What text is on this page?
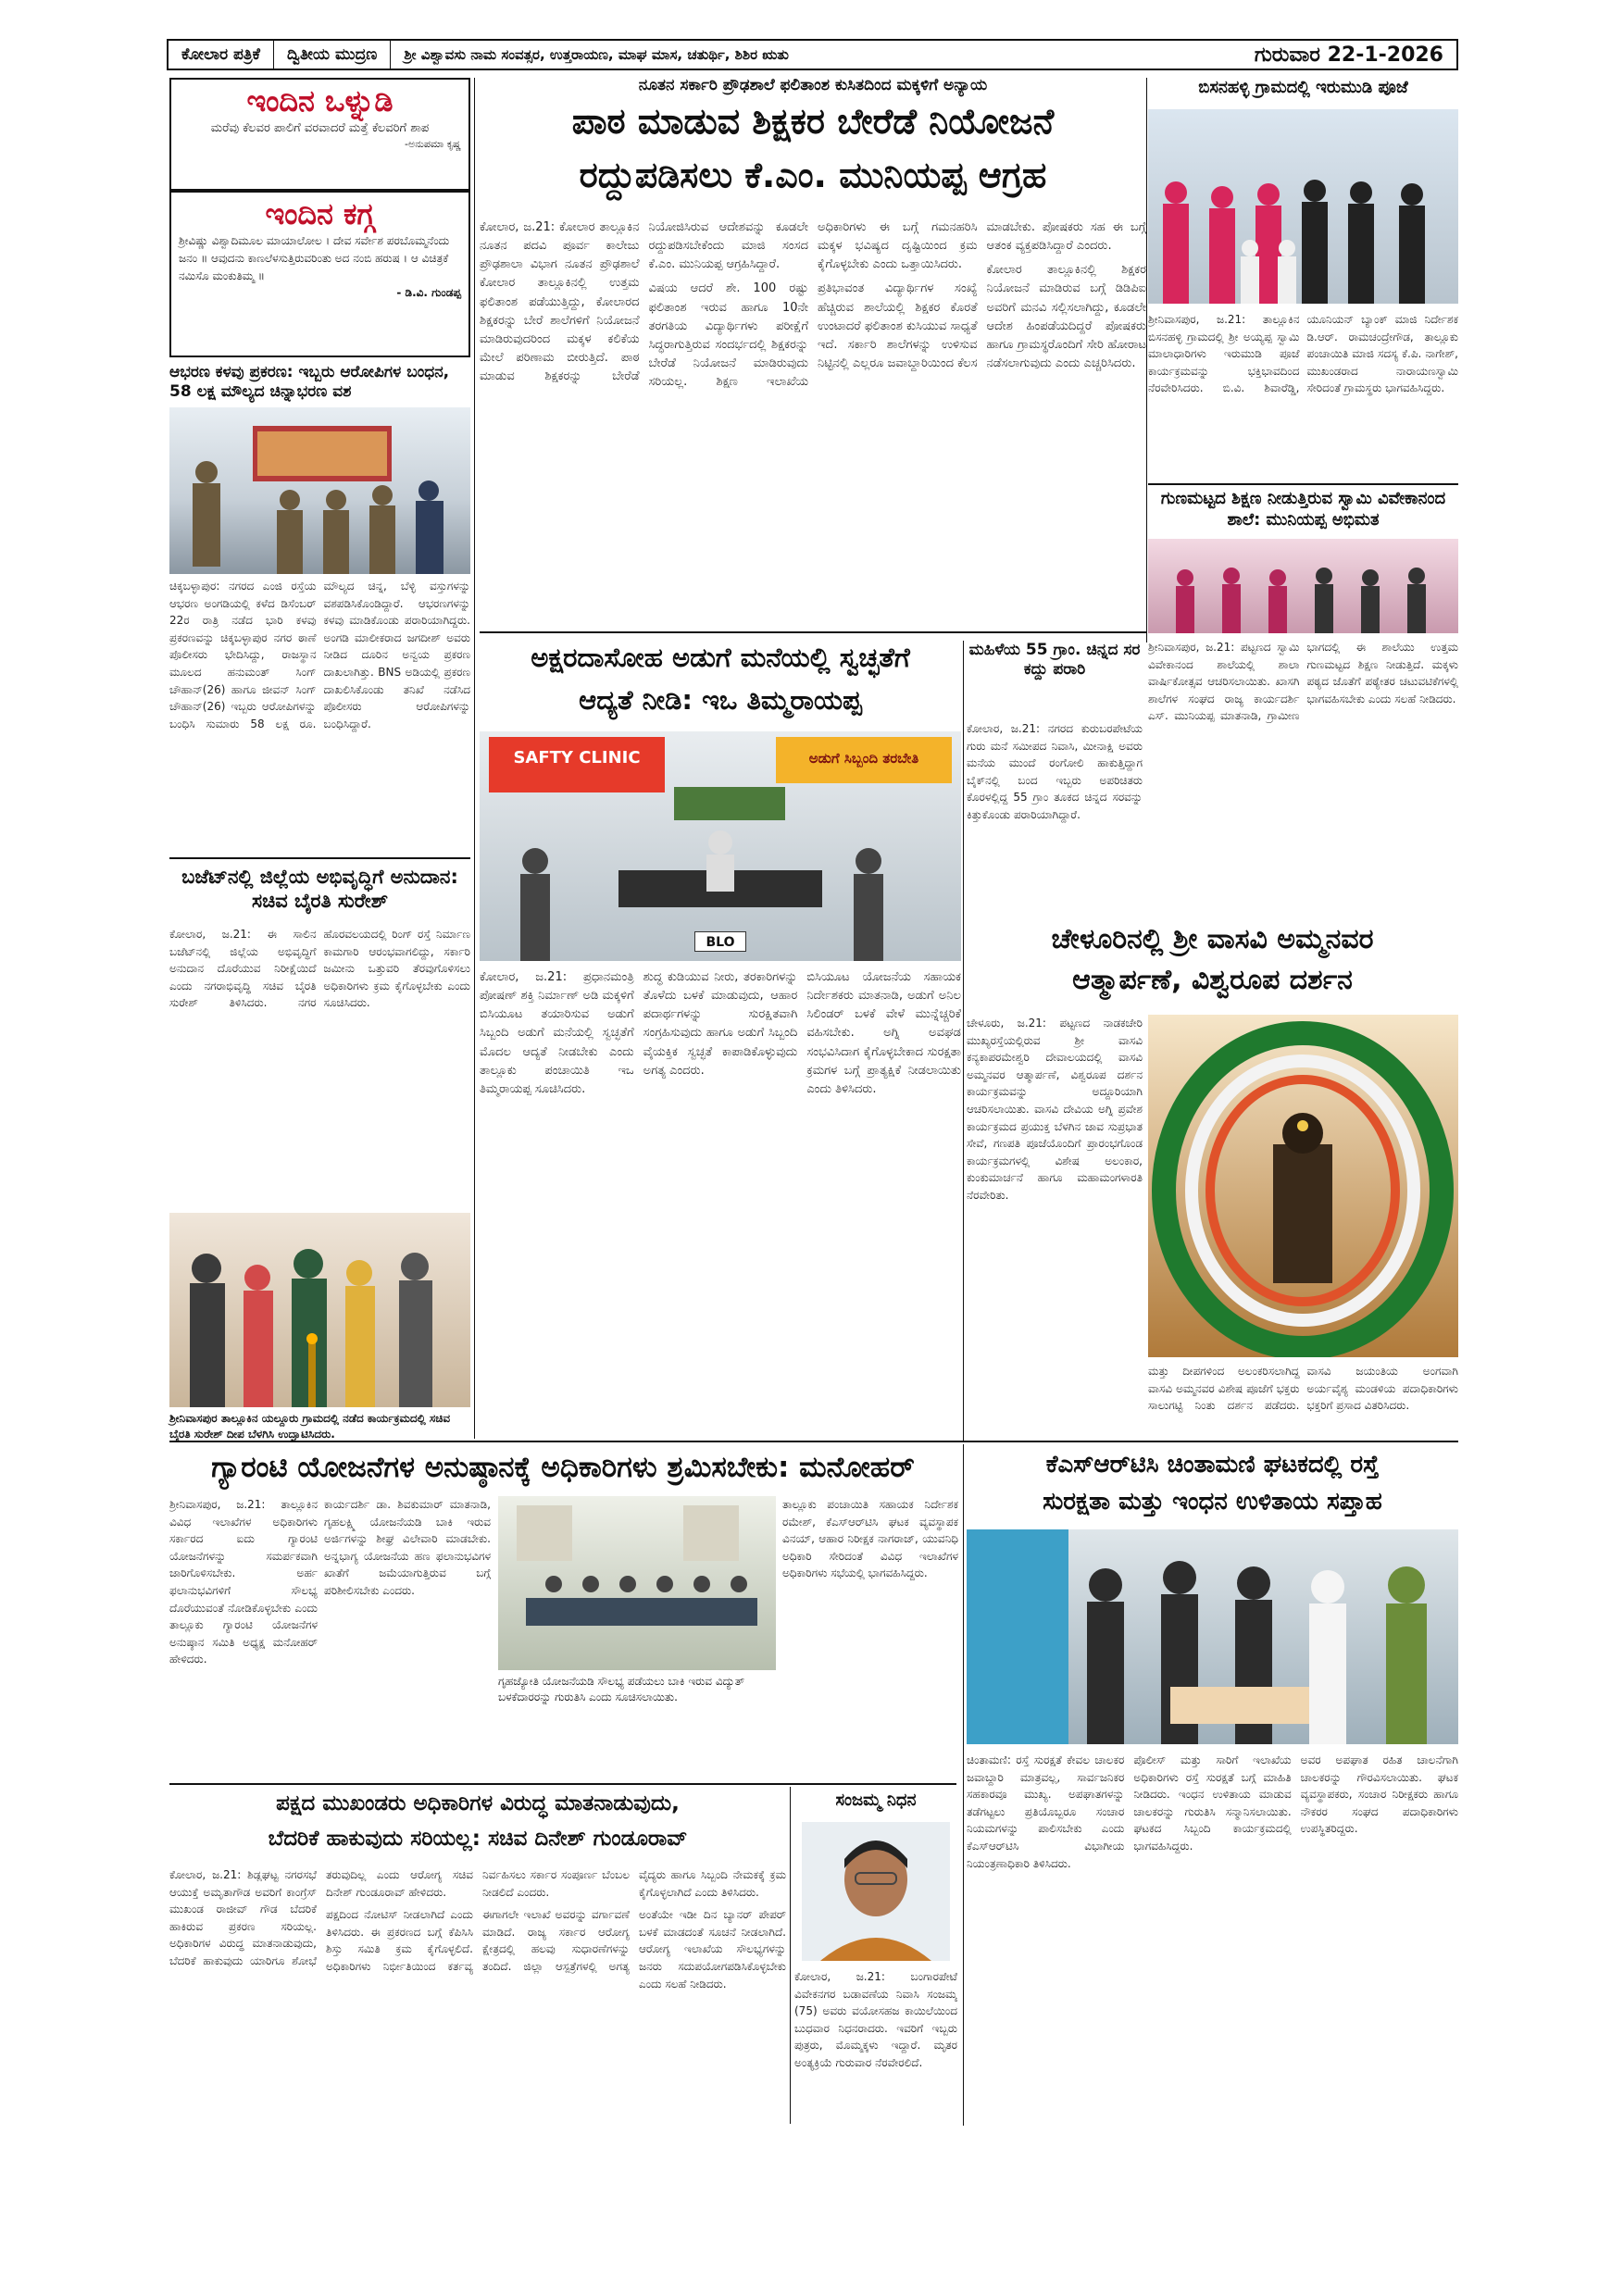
ಕೋಲಾರ ಪತ್ರಿಕೆ	ದ್ವಿತೀಯ ಮುದ್ರಣ	ಶ್ರೀ ವಿಶ್ವಾವಸು ನಾಮ ಸಂವತ್ಸರ, ಉತ್ತರಾಯಣ, ಮಾಘ ಮಾಸ, ಚತುರ್ಥಿ, ಶಿಶಿರ ಋತು	ಗುರುವಾರ 22-1-2026
ಇಂದಿನ ಒಳ್ನುಡಿ
ಮರೆವು ಕೆಲವರ ಪಾಲಿಗೆ ವರವಾದರೆ ಮತ್ತೆ ಕೆಲವರಿಗೆ ಶಾಪ
-ಅನುಪಮಾ ಕೃಷ್ಣ
ಇಂದಿನ ಕಗ್ಗ
ಶ್ರೀವಿಷ್ಣು ವಿಶ್ವಾದಿಮೂಲ ಮಾಯಾಲೋಲ । ದೇವ ಸರ್ವೇಶ ಪರಬೊಮ್ಮನೆಂದು ಜನಂ ॥ ಆವುದನು ಕಾಣಲೆಳಸುತ್ತಿರುವರಿಂತು ಅದ ನಂಬಿ ಹರುಷ । ಆ ವಿಚಿತ್ರಕೆ ನಮಿಸೊ ಮಂಕುತಿಮ್ಮ ॥
- ಡಿ.ವಿ. ಗುಂಡಪ್ಪ
ಆಭರಣ ಕಳವು ಪ್ರಕರಣ: ಇಬ್ಬರು ಆರೋಪಿಗಳ ಬಂಧನ, 58 ಲಕ್ಷ ಮೌಲ್ಯದ ಚಿನ್ನಾಭರಣ ವಶ

ಚಿಕ್ಕಬಳ್ಳಾಪುರ: ನಗರದ ಎಂಜಿ ರಸ್ತೆಯ ಆಭರಣ ಅಂಗಡಿಯಲ್ಲಿ ಕಳೆದ ಡಿಸೆಂಬರ್ 22ರ ರಾತ್ರಿ ನಡೆದ ಭಾರಿ ಕಳವು ಪ್ರಕರಣವನ್ನು ಚಿಕ್ಕಬಳ್ಳಾಪುರ ನಗರ ಠಾಣೆ ಪೊಲೀಸರು ಭೇದಿಸಿದ್ದು, ರಾಜಸ್ಥಾನ ಮೂಲದ ಹನುಮಂತ್ ಸಿಂಗ್ ಚೌಹಾನ್(26) ಹಾಗೂ ಜೀವನ್ ಸಿಂಗ್ ಚೌಹಾನ್(26) ಇಬ್ಬರು ಆರೋಪಿಗಳನ್ನು ಬಂಧಿಸಿ ಸುಮಾರು 58 ಲಕ್ಷ ರೂ. ಮೌಲ್ಯದ ಚಿನ್ನ, ಬೆಳ್ಳಿ ವಸ್ತುಗಳನ್ನು ವಶಪಡಿಸಿಕೊಂಡಿದ್ದಾರೆ. ಆಭರಣಗಳನ್ನು ಕಳವು ಮಾಡಿಕೊಂಡು ಪರಾರಿಯಾಗಿದ್ದರು. ಅಂಗಡಿ ಮಾಲೀಕರಾದ ಜಗದೀಶ್ ಅವರು ನೀಡಿದ ದೂರಿನ ಅನ್ವಯ ಪ್ರಕರಣ ದಾಖಲಾಗಿತ್ತು. BNS ಅಡಿಯಲ್ಲಿ ಪ್ರಕರಣ ದಾಖಲಿಸಿಕೊಂಡು ತನಿಖೆ ನಡೆಸಿದ ಪೊಲೀಸರು ಆರೋಪಿಗಳನ್ನು ಬಂಧಿಸಿದ್ದಾರೆ.

ಬಜೆಟ್‌ನಲ್ಲಿ ಜಿಲ್ಲೆಯ ಅಭಿವೃದ್ಧಿಗೆ ಅನುದಾನ: ಸಚಿವ ಬೈರತಿ ಸುರೇಶ್

ಕೋಲಾರ, ಜ.21: ಈ ಸಾಲಿನ ಬಜೆಟ್‌ನಲ್ಲಿ ಜಿಲ್ಲೆಯ ಅಭಿವೃದ್ಧಿಗೆ ಅನುದಾನ ದೊರೆಯುವ ನಿರೀಕ್ಷೆಯಿದೆ ಎಂದು ನಗರಾಭಿವೃದ್ಧಿ ಸಚಿವ ಬೈರತಿ ಸುರೇಶ್ ತಿಳಿಸಿದರು. ನಗರ ಹೊರವಲಯದಲ್ಲಿ ರಿಂಗ್ ರಸ್ತೆ ನಿರ್ಮಾಣ ಕಾಮಗಾರಿ ಆರಂಭವಾಗಲಿದ್ದು, ಸರ್ಕಾರಿ ಜಮೀನು ಒತ್ತುವರಿ ತೆರವುಗೊಳಿಸಲು ಅಧಿಕಾರಿಗಳು ಕ್ರಮ ಕೈಗೊಳ್ಳಬೇಕು ಎಂದು ಸೂಚಿಸಿದರು.

ಶ್ರೀನಿವಾಸಪುರ ತಾಲ್ಲೂಕಿನ ಯಲ್ದೂರು ಗ್ರಾಮದಲ್ಲಿ ನಡೆದ ಕಾರ್ಯಕ್ರಮದಲ್ಲಿ ಸಚಿವ ಬೈರತಿ ಸುರೇಶ್ ದೀಪ ಬೆಳಗಿಸಿ ಉದ್ಘಾಟಿಸಿದರು.
ನೂತನ ಸರ್ಕಾರಿ ಪ್ರೌಢಶಾಲೆ ಫಲಿತಾಂಶ ಕುಸಿತದಿಂದ ಮಕ್ಕಳಿಗೆ ಅನ್ಯಾಯ
ಪಾಠ ಮಾಡುವ ಶಿಕ್ಷಕರ ಬೇರೆಡೆ ನಿಯೋಜನೆ
ರದ್ದುಪಡಿಸಲು ಕೆ.ಎಂ. ಮುನಿಯಪ್ಪ ಆಗ್ರಹ

ಕೋಲಾರ, ಜ.21: ಕೋಲಾರ ತಾಲ್ಲೂಕಿನ ನೂತನ ಪದವಿ ಪೂರ್ವ ಕಾಲೇಜು ಪ್ರೌಢಶಾಲಾ ವಿಭಾಗ ನೂತನ ಪ್ರೌಢಶಾಲೆ ಕೋಲಾರ ತಾಲ್ಲೂಕಿನಲ್ಲಿ ಉತ್ತಮ ಫಲಿತಾಂಶ ಪಡೆಯುತ್ತಿದ್ದು, ಕೋಲಾರದ ಶಿಕ್ಷಕರನ್ನು ಬೇರೆ ಶಾಲೆಗಳಿಗೆ ನಿಯೋಜನೆ ಮಾಡಿರುವುದರಿಂದ ಮಕ್ಕಳ ಕಲಿಕೆಯ ಮೇಲೆ ಪರಿಣಾಮ ಬೀರುತ್ತಿದೆ. ಪಾಠ ಮಾಡುವ ಶಿಕ್ಷಕರನ್ನು ಬೇರೆಡೆ ನಿಯೋಜಿಸಿರುವ ಆದೇಶವನ್ನು ಕೂಡಲೇ ರದ್ದುಪಡಿಸಬೇಕೆಂದು ಮಾಜಿ ಸಂಸದ ಕೆ.ಎಂ. ಮುನಿಯಪ್ಪ ಆಗ್ರಹಿಸಿದ್ದಾರೆ.

ವಿಷಯ ಆದರೆ ಶೇ. 100 ರಷ್ಟು ಫಲಿತಾಂಶ ಇರುವ ಹಾಗೂ 10ನೇ ತರಗತಿಯ ವಿದ್ಯಾರ್ಥಿಗಳು ಪರೀಕ್ಷೆಗೆ ಸಿದ್ಧರಾಗುತ್ತಿರುವ ಸಂದರ್ಭದಲ್ಲಿ ಶಿಕ್ಷಕರನ್ನು ಬೇರೆಡೆ ನಿಯೋಜನೆ ಮಾಡಿರುವುದು ಸರಿಯಲ್ಲ. ಶಿಕ್ಷಣ ಇಲಾಖೆಯ ಅಧಿಕಾರಿಗಳು ಈ ಬಗ್ಗೆ ಗಮನಹರಿಸಿ ಮಕ್ಕಳ ಭವಿಷ್ಯದ ದೃಷ್ಟಿಯಿಂದ ಕ್ರಮ ಕೈಗೊಳ್ಳಬೇಕು ಎಂದು ಒತ್ತಾಯಿಸಿದರು.

ಪ್ರತಿಭಾವಂತ ವಿದ್ಯಾರ್ಥಿಗಳ ಸಂಖ್ಯೆ ಹೆಚ್ಚಿರುವ ಶಾಲೆಯಲ್ಲಿ ಶಿಕ್ಷಕರ ಕೊರತೆ ಉಂಟಾದರೆ ಫಲಿತಾಂಶ ಕುಸಿಯುವ ಸಾಧ್ಯತೆ ಇದೆ. ಸರ್ಕಾರಿ ಶಾಲೆಗಳನ್ನು ಉಳಿಸುವ ನಿಟ್ಟಿನಲ್ಲಿ ಎಲ್ಲರೂ ಜವಾಬ್ದಾರಿಯಿಂದ ಕೆಲಸ ಮಾಡಬೇಕು. ಪೋಷಕರು ಸಹ ಈ ಬಗ್ಗೆ ಆತಂಕ ವ್ಯಕ್ತಪಡಿಸಿದ್ದಾರೆ ಎಂದರು.

ಕೋಲಾರ ತಾಲ್ಲೂಕಿನಲ್ಲಿ ಶಿಕ್ಷಕರ ನಿಯೋಜನೆ ಮಾಡಿರುವ ಬಗ್ಗೆ ಡಿಡಿಪಿಐ ಅವರಿಗೆ ಮನವಿ ಸಲ್ಲಿಸಲಾಗಿದ್ದು, ಕೂಡಲೇ ಆದೇಶ ಹಿಂಪಡೆಯದಿದ್ದರೆ ಪೋಷಕರು ಹಾಗೂ ಗ್ರಾಮಸ್ಥರೊಂದಿಗೆ ಸೇರಿ ಹೋರಾಟ ನಡೆಸಲಾಗುವುದು ಎಂದು ಎಚ್ಚರಿಸಿದರು.

ಬಿಸನಹಳ್ಳಿ ಗ್ರಾಮದಲ್ಲಿ ಇರುಮುಡಿ ಪೂಜೆ

ಶ್ರೀನಿವಾಸಪುರ, ಜ.21: ತಾಲ್ಲೂಕಿನ ಬಿಸನಹಳ್ಳಿ ಗ್ರಾಮದಲ್ಲಿ ಶ್ರೀ ಅಯ್ಯಪ್ಪ ಸ್ವಾಮಿ ಮಾಲಾಧಾರಿಗಳು ಇರುಮುಡಿ ಪೂಜೆ ಕಾರ್ಯಕ್ರಮವನ್ನು ಭಕ್ತಿಭಾವದಿಂದ ನೆರವೇರಿಸಿದರು. ಬಿ.ವಿ. ಶಿವಾರೆಡ್ಡಿ, ಯೂನಿಯನ್ ಬ್ಯಾಂಕ್ ಮಾಜಿ ನಿರ್ದೇಶಕ ಡಿ.ಆರ್. ರಾಮಚಂದ್ರೇಗೌಡ, ತಾಲ್ಲೂಕು ಪಂಚಾಯಿತಿ ಮಾಜಿ ಸದಸ್ಯ ಕೆ.ಪಿ. ನಾಗೇಶ್, ಮುಖಂಡರಾದ ನಾರಾಯಣಸ್ವಾಮಿ ಸೇರಿದಂತೆ ಗ್ರಾಮಸ್ಥರು ಭಾಗವಹಿಸಿದ್ದರು.

ಗುಣಮಟ್ಟದ ಶಿಕ್ಷಣ ನೀಡುತ್ತಿರುವ ಸ್ವಾಮಿ ವಿವೇಕಾನಂದ ಶಾಲೆ: ಮುನಿಯಪ್ಪ ಅಭಿಮತ

ಶ್ರೀನಿವಾಸಪುರ, ಜ.21: ಪಟ್ಟಣದ ಸ್ವಾಮಿ ವಿವೇಕಾನಂದ ಶಾಲೆಯಲ್ಲಿ ಶಾಲಾ ವಾರ್ಷಿಕೋತ್ಸವ ಆಚರಿಸಲಾಯಿತು. ಖಾಸಗಿ ಶಾಲೆಗಳ ಸಂಘದ ರಾಜ್ಯ ಕಾರ್ಯದರ್ಶಿ ಎಸ್. ಮುನಿಯಪ್ಪ ಮಾತನಾಡಿ, ಗ್ರಾಮೀಣ ಭಾಗದಲ್ಲಿ ಈ ಶಾಲೆಯು ಉತ್ತಮ ಗುಣಮಟ್ಟದ ಶಿಕ್ಷಣ ನೀಡುತ್ತಿದೆ. ಮಕ್ಕಳು ಪಠ್ಯದ ಜೊತೆಗೆ ಪಠ್ಯೇತರ ಚಟುವಟಿಕೆಗಳಲ್ಲಿ ಭಾಗವಹಿಸಬೇಕು ಎಂದು ಸಲಹೆ ನೀಡಿದರು.

ಅಕ್ಷರದಾಸೋಹ ಅಡುಗೆ ಮನೆಯಲ್ಲಿ ಸ್ವಚ್ಛತೆಗೆ
ಆದ್ಯತೆ ನೀಡಿ: ಇಒ ತಿಮ್ಮರಾಯಪ್ಪ
SAFTY CLINIC	ಅಡುಗೆ ಸಿಬ್ಬಂದಿ ತರಬೇತಿ
BLO

ಕೋಲಾರ, ಜ.21: ಪ್ರಧಾನಮಂತ್ರಿ ಪೋಷಣ್ ಶಕ್ತಿ ನಿರ್ಮಾಣ್ ಅಡಿ ಮಕ್ಕಳಿಗೆ ಬಿಸಿಯೂಟ ತಯಾರಿಸುವ ಅಡುಗೆ ಸಿಬ್ಬಂದಿ ಅಡುಗೆ ಮನೆಯಲ್ಲಿ ಸ್ವಚ್ಛತೆಗೆ ಮೊದಲ ಆದ್ಯತೆ ನೀಡಬೇಕು ಎಂದು ತಾಲ್ಲೂಕು ಪಂಚಾಯಿತಿ ಇಒ ತಿಮ್ಮರಾಯಪ್ಪ ಸೂಚಿಸಿದರು.

ಶುದ್ಧ ಕುಡಿಯುವ ನೀರು, ತರಕಾರಿಗಳನ್ನು ತೊಳೆದು ಬಳಕೆ ಮಾಡುವುದು, ಆಹಾರ ಪದಾರ್ಥಗಳನ್ನು ಸುರಕ್ಷಿತವಾಗಿ ಸಂಗ್ರಹಿಸುವುದು ಹಾಗೂ ಅಡುಗೆ ಸಿಬ್ಬಂದಿ ವೈಯಕ್ತಿಕ ಸ್ವಚ್ಛತೆ ಕಾಪಾಡಿಕೊಳ್ಳುವುದು ಅಗತ್ಯ ಎಂದರು.

ಬಿಸಿಯೂಟ ಯೋಜನೆಯ ಸಹಾಯಕ ನಿರ್ದೇಶಕರು ಮಾತನಾಡಿ, ಅಡುಗೆ ಅನಿಲ ಸಿಲಿಂಡರ್ ಬಳಕೆ ವೇಳೆ ಮುನ್ನೆಚ್ಚರಿಕೆ ವಹಿಸಬೇಕು. ಅಗ್ನಿ ಅವಘಡ ಸಂಭವಿಸಿದಾಗ ಕೈಗೊಳ್ಳಬೇಕಾದ ಸುರಕ್ಷತಾ ಕ್ರಮಗಳ ಬಗ್ಗೆ ಪ್ರಾತ್ಯಕ್ಷಿಕೆ ನೀಡಲಾಯಿತು ಎಂದು ತಿಳಿಸಿದರು.

ಮಹಿಳೆಯ 55 ಗ್ರಾಂ. ಚಿನ್ನದ ಸರ ಕದ್ದು ಪರಾರಿ

ಕೋಲಾರ, ಜ.21: ನಗರದ ಕುರುಬರಪೇಟೆಯ ಗುರು ಮನೆ ಸಮೀಪದ ನಿವಾಸಿ, ಮೀನಾಕ್ಷಿ ಅವರು ಮನೆಯ ಮುಂದೆ ರಂಗೋಲಿ ಹಾಕುತ್ತಿದ್ದಾಗ ಬೈಕ್‌ನಲ್ಲಿ ಬಂದ ಇಬ್ಬರು ಅಪರಿಚಿತರು ಕೊರಳಲ್ಲಿದ್ದ 55 ಗ್ರಾಂ ತೂಕದ ಚಿನ್ನದ ಸರವನ್ನು ಕಿತ್ತುಕೊಂಡು ಪರಾರಿಯಾಗಿದ್ದಾರೆ.

ಚೇಳೂರಿನಲ್ಲಿ ಶ್ರೀ ವಾಸವಿ ಅಮ್ಮನವರ
ಆತ್ಮಾರ್ಪಣೆ, ವಿಶ್ವರೂಪ ದರ್ಶನ

ಚೇಳೂರು, ಜ.21: ಪಟ್ಟಣದ ನಾಡಕಚೇರಿ ಮುಖ್ಯರಸ್ತೆಯಲ್ಲಿರುವ ಶ್ರೀ ವಾಸವಿ ಕನ್ಯಕಾಪರಮೇಶ್ವರಿ ದೇವಾಲಯದಲ್ಲಿ ವಾಸವಿ ಅಮ್ಮನವರ ಆತ್ಮಾರ್ಪಣೆ, ವಿಶ್ವರೂಪ ದರ್ಶನ ಕಾರ್ಯಕ್ರಮವನ್ನು ಅದ್ದೂರಿಯಾಗಿ ಆಚರಿಸಲಾಯಿತು. ವಾಸವಿ ದೇವಿಯ ಅಗ್ನಿ ಪ್ರವೇಶ ಕಾರ್ಯಕ್ರಮದ ಪ್ರಯುಕ್ತ ಬೆಳಗಿನ ಜಾವ ಸುಪ್ರಭಾತ ಸೇವೆ, ಗಣಪತಿ ಪೂಜೆಯೊಂದಿಗೆ ಪ್ರಾರಂಭಗೊಂಡ ಕಾರ್ಯಕ್ರಮಗಳಲ್ಲಿ ವಿಶೇಷ ಅಲಂಕಾರ, ಕುಂಕುಮಾರ್ಚನೆ ಹಾಗೂ ಮಹಾಮಂಗಳಾರತಿ ನೆರವೇರಿತು.

ಮತ್ತು ದೀಪಗಳಿಂದ ಅಲಂಕರಿಸಲಾಗಿದ್ದ ವಾಸವಿ ಅಮ್ಮನವರ ವಿಶೇಷ ಪೂಜೆಗೆ ಭಕ್ತರು ಸಾಲುಗಟ್ಟಿ ನಿಂತು ದರ್ಶನ ಪಡೆದರು. ವಾಸವಿ ಜಯಂತಿಯ ಅಂಗವಾಗಿ ಅರ್ಯವೈಶ್ಯ ಮಂಡಳಿಯ ಪದಾಧಿಕಾರಿಗಳು ಭಕ್ತರಿಗೆ ಪ್ರಸಾದ ವಿತರಿಸಿದರು.

ಗ್ಯಾರಂಟಿ ಯೋಜನೆಗಳ ಅನುಷ್ಠಾನಕ್ಕೆ ಅಧಿಕಾರಿಗಳು ಶ್ರಮಿಸಬೇಕು: ಮನೋಹರ್

ಶ್ರೀನಿವಾಸಪುರ, ಜ.21: ತಾಲ್ಲೂಕಿನ ವಿವಿಧ ಇಲಾಖೆಗಳ ಅಧಿಕಾರಿಗಳು ಸರ್ಕಾರದ ಐದು ಗ್ಯಾರಂಟಿ ಯೋಜನೆಗಳನ್ನು ಸಮರ್ಪಕವಾಗಿ ಜಾರಿಗೊಳಿಸಬೇಕು. ಅರ್ಹ ಫಲಾನುಭವಿಗಳಿಗೆ ಸೌಲಭ್ಯ ದೊರೆಯುವಂತೆ ನೋಡಿಕೊಳ್ಳಬೇಕು ಎಂದು ತಾಲ್ಲೂಕು ಗ್ಯಾರಂಟಿ ಯೋಜನೆಗಳ ಅನುಷ್ಠಾನ ಸಮಿತಿ ಅಧ್ಯಕ್ಷ ಮನೋಹರ್ ಹೇಳಿದರು.

ಕಾರ್ಯದರ್ಶಿ ಡಾ. ಶಿವಕುಮಾರ್ ಮಾತನಾಡಿ, ಗೃಹಲಕ್ಷ್ಮಿ ಯೋಜನೆಯಡಿ ಬಾಕಿ ಇರುವ ಅರ್ಜಿಗಳನ್ನು ಶೀಘ್ರ ವಿಲೇವಾರಿ ಮಾಡಬೇಕು. ಅನ್ನಭಾಗ್ಯ ಯೋಜನೆಯ ಹಣ ಫಲಾನುಭವಿಗಳ ಖಾತೆಗೆ ಜಮೆಯಾಗುತ್ತಿರುವ ಬಗ್ಗೆ ಪರಿಶೀಲಿಸಬೇಕು ಎಂದರು.

ಗೃಹಜ್ಯೋತಿ ಯೋಜನೆಯಡಿ ಸೌಲಭ್ಯ ಪಡೆಯಲು ಬಾಕಿ ಇರುವ ವಿದ್ಯುತ್ ಬಳಕೆದಾರರನ್ನು ಗುರುತಿಸಿ ಎಂದು ಸೂಚಿಸಲಾಯಿತು.

ತಾಲ್ಲೂಕು ಪಂಚಾಯಿತಿ ಸಹಾಯಕ ನಿರ್ದೇಶಕ ರಮೇಶ್, ಕೆಎಸ್‌ಆರ್‌ಟಿಸಿ ಘಟಕ ವ್ಯವಸ್ಥಾಪಕ ವಿನಯ್, ಆಹಾರ ನಿರೀಕ್ಷಕ ನಾಗರಾಜ್, ಯುವನಿಧಿ ಅಧಿಕಾರಿ ಸೇರಿದಂತೆ ವಿವಿಧ ಇಲಾಖೆಗಳ ಅಧಿಕಾರಿಗಳು ಸಭೆಯಲ್ಲಿ ಭಾಗವಹಿಸಿದ್ದರು.

ಕೆಎಸ್ಆರ್‌ಟಿಸಿ ಚಿಂತಾಮಣಿ ಘಟಕದಲ್ಲಿ ರಸ್ತೆ
ಸುರಕ್ಷತಾ ಮತ್ತು ಇಂಧನ ಉಳಿತಾಯ ಸಪ್ತಾಹ

ಚಿಂತಾಮಣಿ: ರಸ್ತೆ ಸುರಕ್ಷತೆ ಕೇವಲ ಚಾಲಕರ ಜವಾಬ್ದಾರಿ ಮಾತ್ರವಲ್ಲ, ಸಾರ್ವಜನಿಕರ ಸಹಕಾರವೂ ಮುಖ್ಯ. ಅಪಘಾತಗಳನ್ನು ತಡೆಗಟ್ಟಲು ಪ್ರತಿಯೊಬ್ಬರೂ ಸಂಚಾರ ನಿಯಮಗಳನ್ನು ಪಾಲಿಸಬೇಕು ಎಂದು ಕೆಎಸ್ಆರ್‌ಟಿಸಿ ವಿಭಾಗೀಯ ನಿಯಂತ್ರಣಾಧಿಕಾರಿ ತಿಳಿಸಿದರು.

ಪೊಲೀಸ್ ಮತ್ತು ಸಾರಿಗೆ ಇಲಾಖೆಯ ಅಧಿಕಾರಿಗಳು ರಸ್ತೆ ಸುರಕ್ಷತೆ ಬಗ್ಗೆ ಮಾಹಿತಿ ನೀಡಿದರು. ಇಂಧನ ಉಳಿತಾಯ ಮಾಡುವ ಚಾಲಕರನ್ನು ಗುರುತಿಸಿ ಸನ್ಮಾನಿಸಲಾಯಿತು. ಘಟಕದ ಸಿಬ್ಬಂದಿ ಕಾರ್ಯಕ್ರಮದಲ್ಲಿ ಭಾಗವಹಿಸಿದ್ದರು.

ಅವರ ಅಪಘಾತ ರಹಿತ ಚಾಲನೆಗಾಗಿ ಚಾಲಕರನ್ನು ಗೌರವಿಸಲಾಯಿತು. ಘಟಕ ವ್ಯವಸ್ಥಾಪಕರು, ಸಂಚಾರ ನಿರೀಕ್ಷಕರು ಹಾಗೂ ನೌಕರರ ಸಂಘದ ಪದಾಧಿಕಾರಿಗಳು ಉಪಸ್ಥಿತರಿದ್ದರು.

ಪಕ್ಷದ ಮುಖಂಡರು ಅಧಿಕಾರಿಗಳ ವಿರುದ್ಧ ಮಾತನಾಡುವುದು,
ಬೆದರಿಕೆ ಹಾಕುವುದು ಸರಿಯಲ್ಲ: ಸಚಿವ ದಿನೇಶ್ ಗುಂಡೂರಾವ್

ಕೋಲಾರ, ಜ.21: ಶಿಡ್ಲಘಟ್ಟ ನಗರಸಭೆ ಆಯುಕ್ತೆ ಅಮೃತಾಗೌಡ ಅವರಿಗೆ ಕಾಂಗ್ರೆಸ್ ಮುಖಂಡ ರಾಜೀವ್ ಗೌಡ ಬೆದರಿಕೆ ಹಾಕಿರುವ ಪ್ರಕರಣ ಸರಿಯಲ್ಲ. ಅಧಿಕಾರಿಗಳ ವಿರುದ್ಧ ಮಾತನಾಡುವುದು, ಬೆದರಿಕೆ ಹಾಕುವುದು ಯಾರಿಗೂ ಶೋಭೆ ತರುವುದಿಲ್ಲ ಎಂದು ಆರೋಗ್ಯ ಸಚಿವ ದಿನೇಶ್ ಗುಂಡೂರಾವ್ ಹೇಳಿದರು.

ಪಕ್ಷದಿಂದ ನೋಟಿಸ್ ನೀಡಲಾಗಿದೆ ಎಂದು ತಿಳಿಸಿದರು. ಈ ಪ್ರಕರಣದ ಬಗ್ಗೆ ಕೆಪಿಸಿಸಿ ಶಿಸ್ತು ಸಮಿತಿ ಕ್ರಮ ಕೈಗೊಳ್ಳಲಿದೆ. ಅಧಿಕಾರಿಗಳು ನಿರ್ಭೀತಿಯಿಂದ ಕರ್ತವ್ಯ ನಿರ್ವಹಿಸಲು ಸರ್ಕಾರ ಸಂಪೂರ್ಣ ಬೆಂಬಲ ನೀಡಲಿದೆ ಎಂದರು.

ಈಗಾಗಲೇ ಇಲಾಖೆ ಅವರನ್ನು ವರ್ಗಾವಣೆ ಮಾಡಿದೆ. ರಾಜ್ಯ ಸರ್ಕಾರ ಆರೋಗ್ಯ ಕ್ಷೇತ್ರದಲ್ಲಿ ಹಲವು ಸುಧಾರಣೆಗಳನ್ನು ತಂದಿದೆ. ಜಿಲ್ಲಾ ಆಸ್ಪತ್ರೆಗಳಲ್ಲಿ ಅಗತ್ಯ ವೈದ್ಯರು ಹಾಗೂ ಸಿಬ್ಬಂದಿ ನೇಮಕಕ್ಕೆ ಕ್ರಮ ಕೈಗೊಳ್ಳಲಾಗಿದೆ ಎಂದು ತಿಳಿಸಿದರು.

ಅಂತೆಯೇ ಇಡೀ ದಿನ ಬ್ಯಾನರ್ ಪೇಪರ್ ಬಳಕೆ ಮಾಡದಂತೆ ಸೂಚನೆ ನೀಡಲಾಗಿದೆ. ಆರೋಗ್ಯ ಇಲಾಖೆಯ ಸೌಲಭ್ಯಗಳನ್ನು ಜನರು ಸದುಪಯೋಗಪಡಿಸಿಕೊಳ್ಳಬೇಕು ಎಂದು ಸಲಹೆ ನೀಡಿದರು.

ಸಂಜಮ್ಮ ನಿಧನ

ಕೋಲಾರ, ಜ.21: ಬಂಗಾರಪೇಟೆ ವಿವೇಕನಗರ ಬಡಾವಣೆಯ ನಿವಾಸಿ ಸಂಜಮ್ಮ (75) ಅವರು ವಯೋಸಹಜ ಕಾಯಿಲೆಯಿಂದ ಬುಧವಾರ ನಿಧನರಾದರು. ಇವರಿಗೆ ಇಬ್ಬರು ಪುತ್ರರು, ಮೊಮ್ಮಕ್ಕಳು ಇದ್ದಾರೆ. ಮೃತರ ಅಂತ್ಯಕ್ರಿಯೆ ಗುರುವಾರ ನೆರವೇರಲಿದೆ.
